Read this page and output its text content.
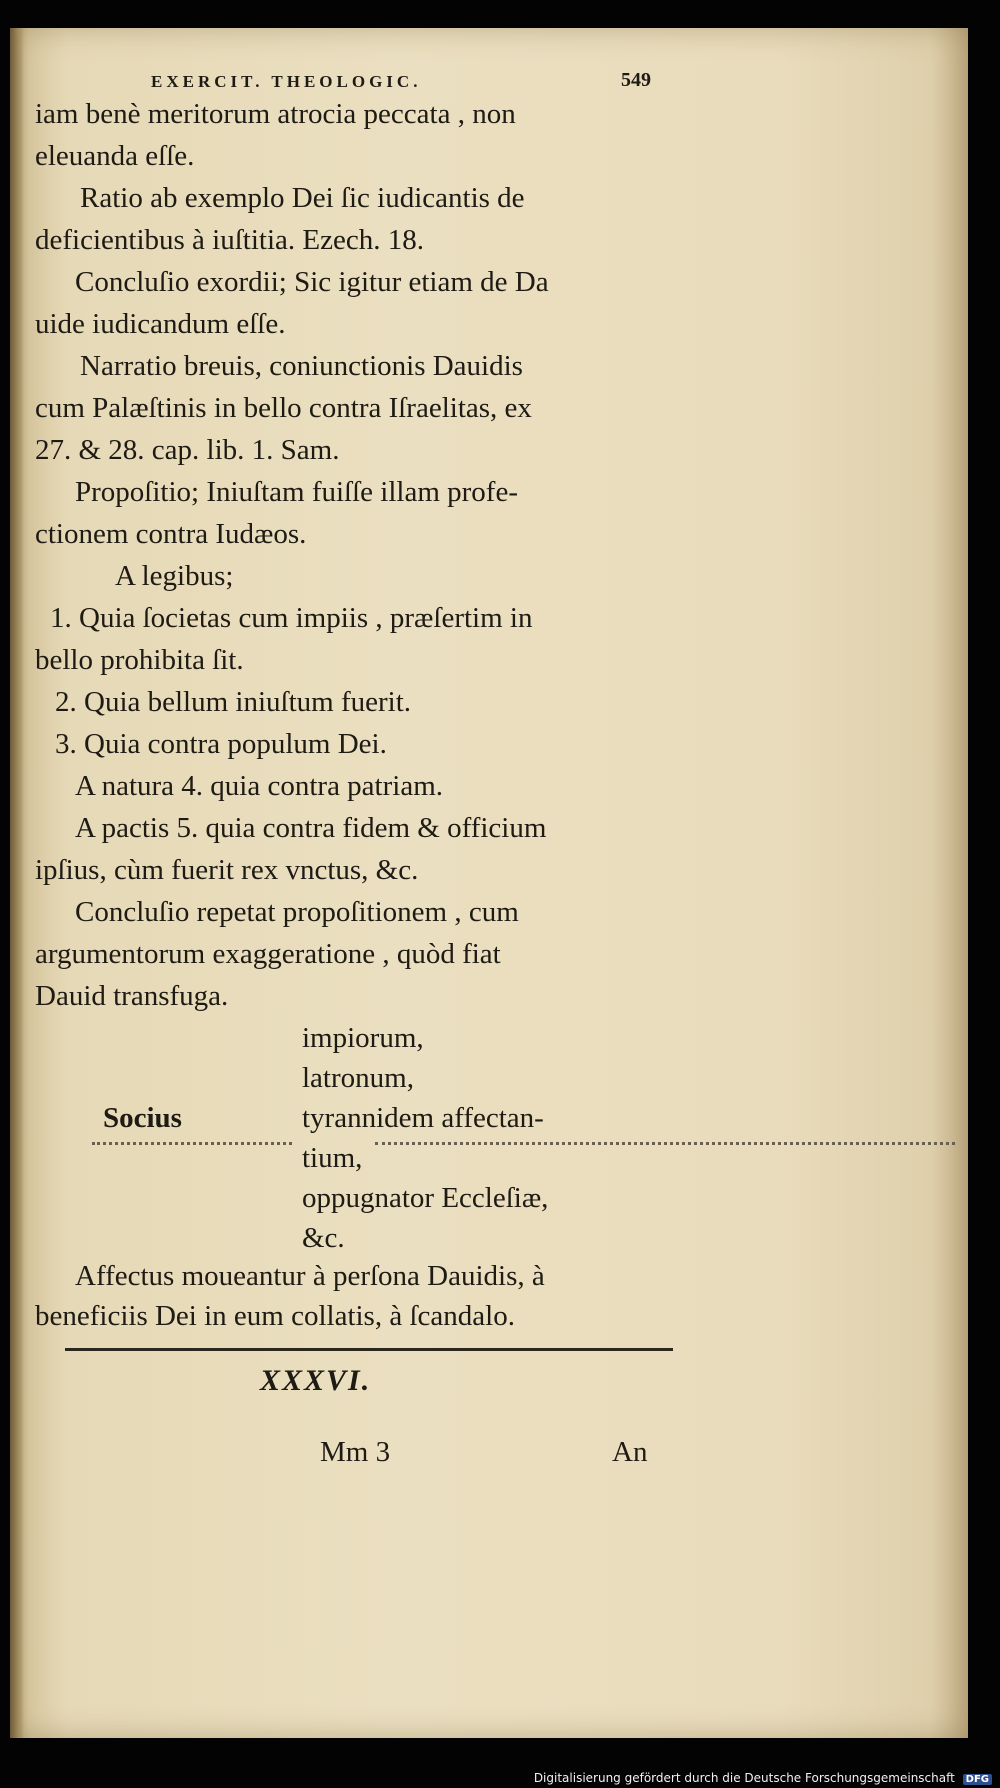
EXERCIT. THEOLOGIC.	549
iam benè meritorum atrocia peccata , non
eleuanda eſſe.
Ratio ab exemplo Dei ſic iudicantis de
deficientibus à iuſtitia. Ezech. 18.
Concluſio exordii; Sic igitur etiam de Da
uide iudicandum eſſe.
Narratio breuis, coniunctionis Dauidis
cum Palæſtinis in bello contra Iſraelitas, ex
27. & 28. cap. lib. 1. Sam.
Propoſitio; Iniuſtam fuiſſe illam profe-
ctionem contra Iudæos.
A legibus;
1. Quia ſocietas cum impiis , præſertim in
bello prohibita ſit.
2. Quia bellum iniuſtum fuerit.
3. Quia contra populum Dei.
A natura 4. quia contra patriam.
A pactis 5. quia contra fidem & officium
ipſius, cùm fuerit rex vnctus, &c.
Concluſio repetat propoſitionem , cum
argumentorum exaggeratione , quòd fiat
Dauid transfuga.
impiorum,
latronum,
Socius	tyrannidem affectan-
tium,
oppugnator Eccleſiæ,
&c.
Affectus moueantur à perſona Dauidis, à
beneficiis Dei in eum collatis, à ſcandalo.
XXXVI.
Mm 3	An
Digitalisierung gefördert durch die Deutsche Forschungsgemeinschaft DFG
